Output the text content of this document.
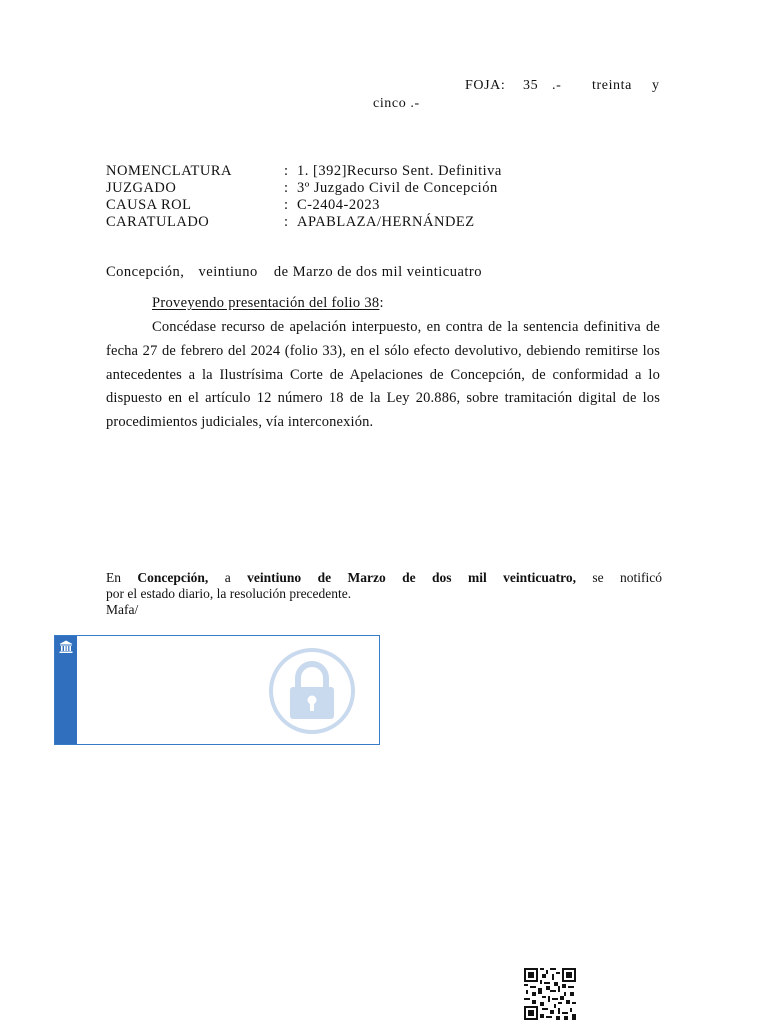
FOJA: 35 .- treinta y
cinco .-
NOMENCLATURA	: 1. [392]Recurso Sent. Definitiva
JUZGADO	: 3º Juzgado Civil de Concepción
CAUSA ROL	: C-2404-2023
CARATULADO	: APABLAZA/HERNÁNDEZ
Concepción, veintiuno de Marzo de dos mil veinticuatro
Proveyendo presentación del folio 38:

Concédase recurso de apelación interpuesto, en contra de la sentencia definitiva de fecha 27 de febrero del 2024 (folio 33), en el sólo efecto devolutivo, debiendo remitirse los antecedentes a la Ilustrísima Corte de Apelaciones de Concepción, de conformidad a lo dispuesto en el artículo 12 número 18 de la Ley 20.886, sobre tramitación digital de los procedimientos judiciales, vía interconexión.

En Concepción, a veintiuno de Marzo de dos mil veinticuatro, se notificó
por el estado diario, la resolución precedente.
Mafa/
